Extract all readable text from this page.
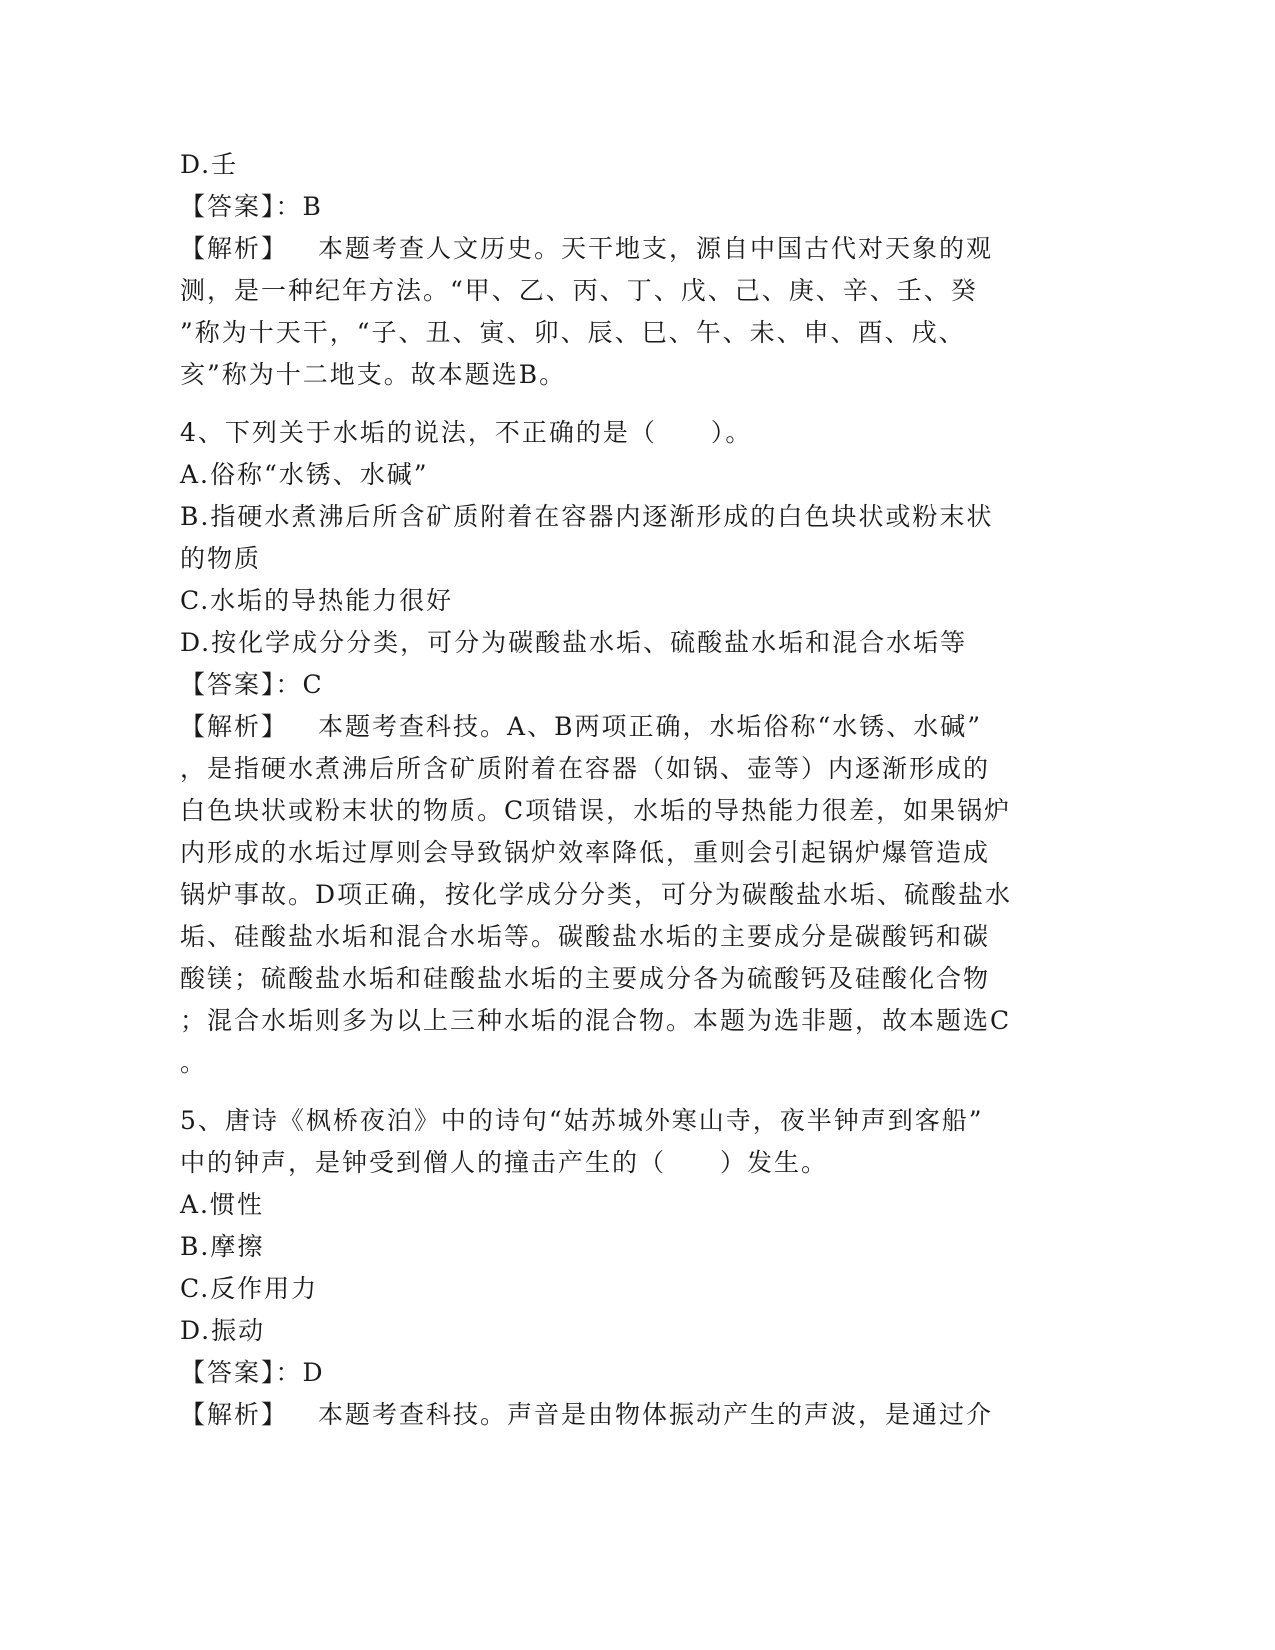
D.壬
【答案】：B
【解析】 本题考查人文历史。天干地支，源自中国古代对天象的观
测，是一种纪年方法。“甲、乙、丙、丁、戊、己、庚、辛、壬、癸
”称为十天干，“子、丑、寅、卯、辰、巳、午、未、申、酉、戌、
亥”称为十二地支。故本题选B。
4、下列关于水垢的说法，不正确的是（　　）。
A.俗称“水锈、水碱”
B.指硬水煮沸后所含矿质附着在容器内逐渐形成的白色块状或粉末状
的物质
C.水垢的导热能力很好
D.按化学成分分类，可分为碳酸盐水垢、硫酸盐水垢和混合水垢等
【答案】：C
【解析】 本题考查科技。A、B两项正确，水垢俗称“水锈、水碱”
，是指硬水煮沸后所含矿质附着在容器（如锅、壶等）内逐渐形成的
白色块状或粉末状的物质。C项错误，水垢的导热能力很差，如果锅炉
内形成的水垢过厚则会导致锅炉效率降低，重则会引起锅炉爆管造成
锅炉事故。D项正确，按化学成分分类，可分为碳酸盐水垢、硫酸盐水
垢、硅酸盐水垢和混合水垢等。碳酸盐水垢的主要成分是碳酸钙和碳
酸镁；硫酸盐水垢和硅酸盐水垢的主要成分各为硫酸钙及硅酸化合物
；混合水垢则多为以上三种水垢的混合物。本题为选非题，故本题选C
。
5、唐诗《枫桥夜泊》中的诗句“姑苏城外寒山寺，夜半钟声到客船”
中的钟声，是钟受到僧人的撞击产生的（　　）发生。
A.惯性
B.摩擦
C.反作用力
D.振动
【答案】：D
【解析】 本题考查科技。声音是由物体振动产生的声波，是通过介
